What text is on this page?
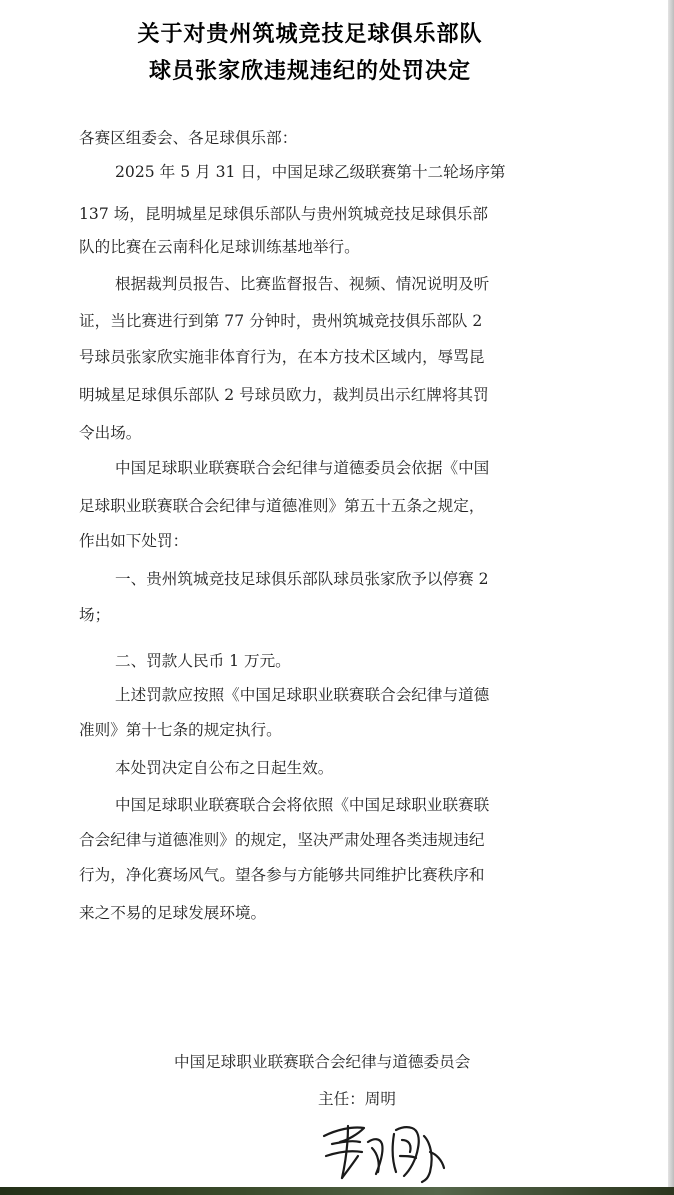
关于对贵州筑城竞技足球俱乐部队
球员张家欣违规违纪的处罚决定
各赛区组委会、各足球俱乐部：
2025 年 5 月 31 日，中国足球乙级联赛第十二轮场序第
137 场，昆明城星足球俱乐部队与贵州筑城竞技足球俱乐部
队的比赛在云南科化足球训练基地举行。
根据裁判员报告、比赛监督报告、视频、情况说明及听
证，当比赛进行到第 77 分钟时，贵州筑城竞技俱乐部队 2
号球员张家欣实施非体育行为，在本方技术区域内，辱骂昆
明城星足球俱乐部队 2 号球员欧力，裁判员出示红牌将其罚
令出场。
中国足球职业联赛联合会纪律与道德委员会依据《中国
足球职业联赛联合会纪律与道德准则》第五十五条之规定，
作出如下处罚：
一、贵州筑城竞技足球俱乐部队球员张家欣予以停赛 2
场；
二、罚款人民币 1 万元。
上述罚款应按照《中国足球职业联赛联合会纪律与道德
准则》第十七条的规定执行。
本处罚决定自公布之日起生效。
中国足球职业联赛联合会将依照《中国足球职业联赛联
合会纪律与道德准则》的规定，坚决严肃处理各类违规违纪
行为，净化赛场风气。望各参与方能够共同维护比赛秩序和
来之不易的足球发展环境。
中国足球职业联赛联合会纪律与道德委员会
主任：周明
